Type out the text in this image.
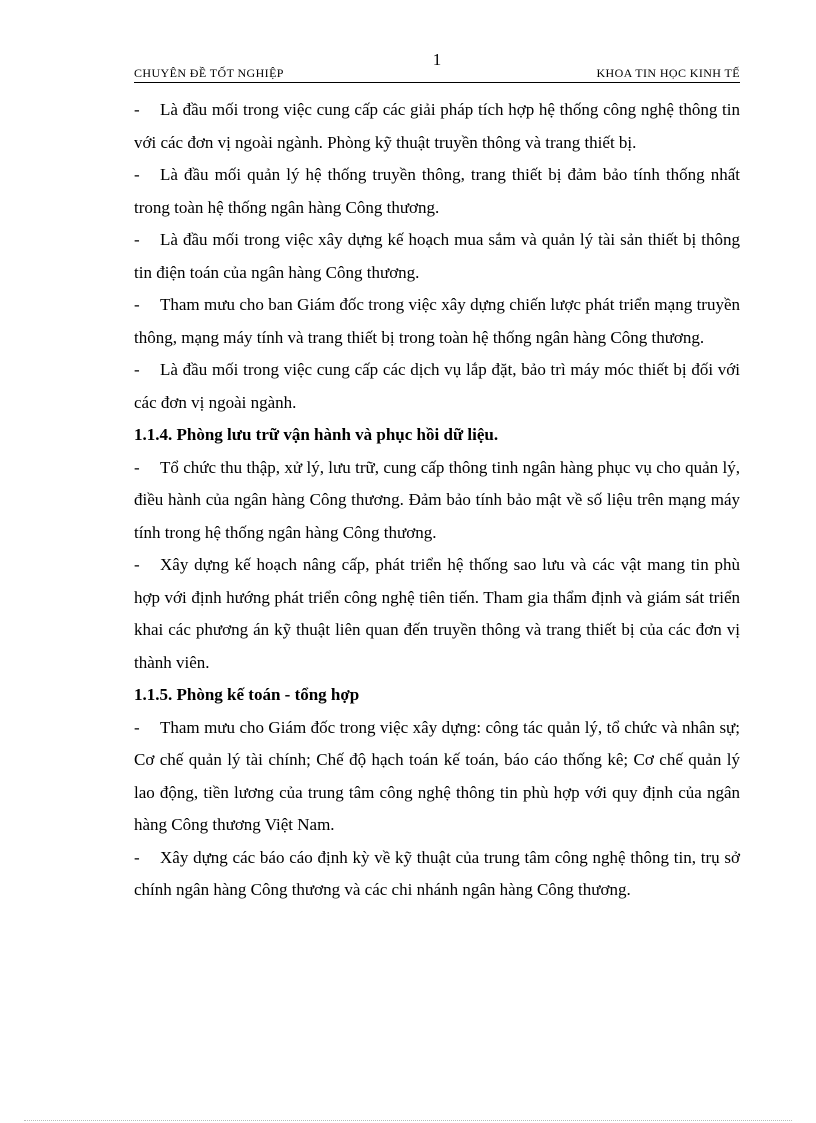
CHUYÊN ĐỀ TỐT NGHIỆP
1
KHOA TIN HỌC KINH TẾ

- Là đầu mối trong việc cung cấp các giải pháp tích hợp hệ thống công nghệ thông tin với các đơn vị ngoài ngành. Phòng kỹ thuật truyền thông và trang thiết bị.

- Là đầu mối quản lý hệ thống truyền thông, trang thiết bị đảm bảo tính thống nhất trong toàn hệ thống ngân hàng Công thương.

- Là đầu mối trong việc xây dựng kế hoạch mua sắm và quản lý tài sản thiết bị thông tin điện toán của ngân hàng Công thương.

- Tham mưu cho ban Giám đốc trong việc xây dựng chiến lược phát triển mạng truyền thông, mạng máy tính và trang thiết bị trong toàn hệ thống ngân hàng Công thương.

- Là đầu mối trong việc cung cấp các dịch vụ lắp đặt, bảo trì máy móc thiết bị đối với các đơn vị ngoài ngành.

1.1.4. Phòng lưu trữ vận hành và phục hồi dữ liệu.

- Tổ chức thu thập, xử lý, lưu trữ, cung cấp thông tinh ngân hàng phục vụ cho quản lý, điều hành của ngân hàng Công thương. Đảm bảo tính bảo mật về số liệu trên mạng máy tính trong hệ thống ngân hàng Công thương.

- Xây dựng kế hoạch nâng cấp, phát triển hệ thống sao lưu và các vật mang tin phù hợp với định hướng phát triển công nghệ tiên tiến. Tham gia thẩm định và giám sát triển khai các phương án kỹ thuật liên quan đến truyền thông và trang thiết bị của các đơn vị thành viên.

1.1.5. Phòng kế toán - tổng hợp

- Tham mưu cho Giám đốc trong việc xây dựng: công tác quản lý, tổ chức và nhân sự; Cơ chế quản lý tài chính; Chế độ hạch toán kế toán, báo cáo thống kê; Cơ chế quản lý lao động, tiền lương của trung tâm công nghệ thông tin phù hợp với quy định của ngân hàng Công thương Việt Nam.

- Xây dựng các báo cáo định kỳ về kỹ thuật của trung tâm công nghệ thông tin, trụ sở chính ngân hàng Công thương và các chi nhánh ngân hàng Công thương.
